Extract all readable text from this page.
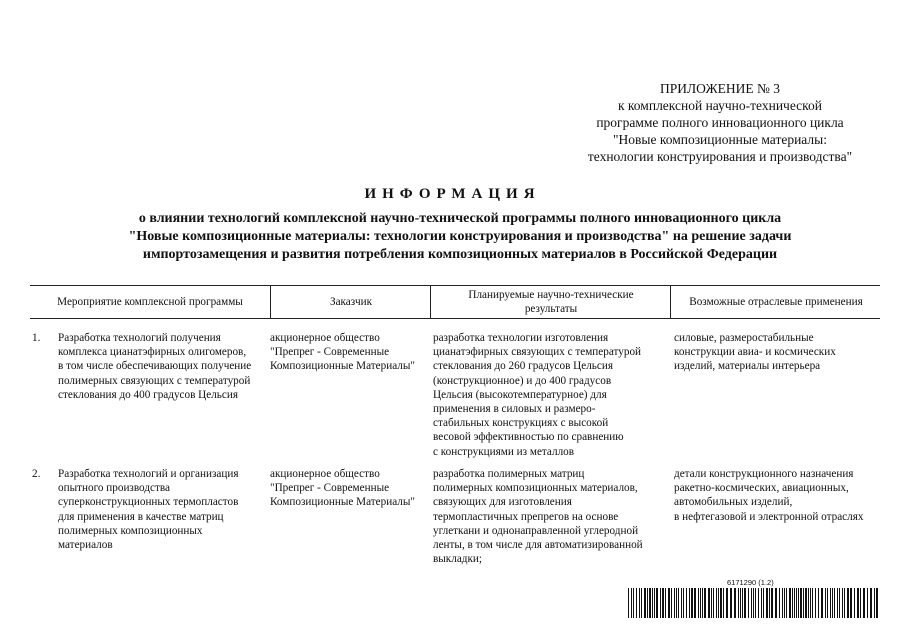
ПРИЛОЖЕНИЕ № 3
к комплексной научно-технической
программе полного инновационного цикла
"Новые композиционные материалы:
технологии конструирования и производства"
ИНФОРМАЦИЯ
о влиянии технологий комплексной научно-технической программы полного инновационного цикла
"Новые композиционные материалы: технологии конструирования и производства" на решение задачи
импортозамещения и развития потребления композиционных материалов в Российской Федерации
Мероприятие комплексной программы	Заказчик
Планируемые научно-технические результаты
Возможные отраслевые применения
1. Разработка технологий получения
комплекса цианатэфирных олигомеров,
в том числе обеспечивающих получение
полимерных связующих с температурой
стеклования до 400 градусов Цельсия
акционерное общество
"Препрег - Современные
Композиционные Материалы"
разработка технологии изготовления
цианатэфирных связующих с температурой
стеклования до 260 градусов Цельсия
(конструкционное) и до 400 градусов
Цельсия (высокотемпературное) для
применения в силовых и размеро-
стабильных конструкциях с высокой
весовой эффективностью по сравнению
с конструкциями из металлов
силовые, размеростабильные
конструкции авиа- и космических
изделий, материалы интерьера
2. Разработка технологий и организация
опытного производства
суперконструкционных термопластов
для применения в качестве матриц
полимерных композиционных
материалов
акционерное общество
"Препрег - Современные
Композиционные Материалы"
разработка полимерных матриц
полимерных композиционных материалов,
связующих для изготовления
термопластичных препрегов на основе
углеткани и однонаправленной углеродной
ленты, в том числе для автоматизированной
выкладки;
детали конструкционного назначения
ракетно-космических, авиационных,
автомобильных изделий,
в нефтегазовой и электронной отраслях
6171290 (1.2)
